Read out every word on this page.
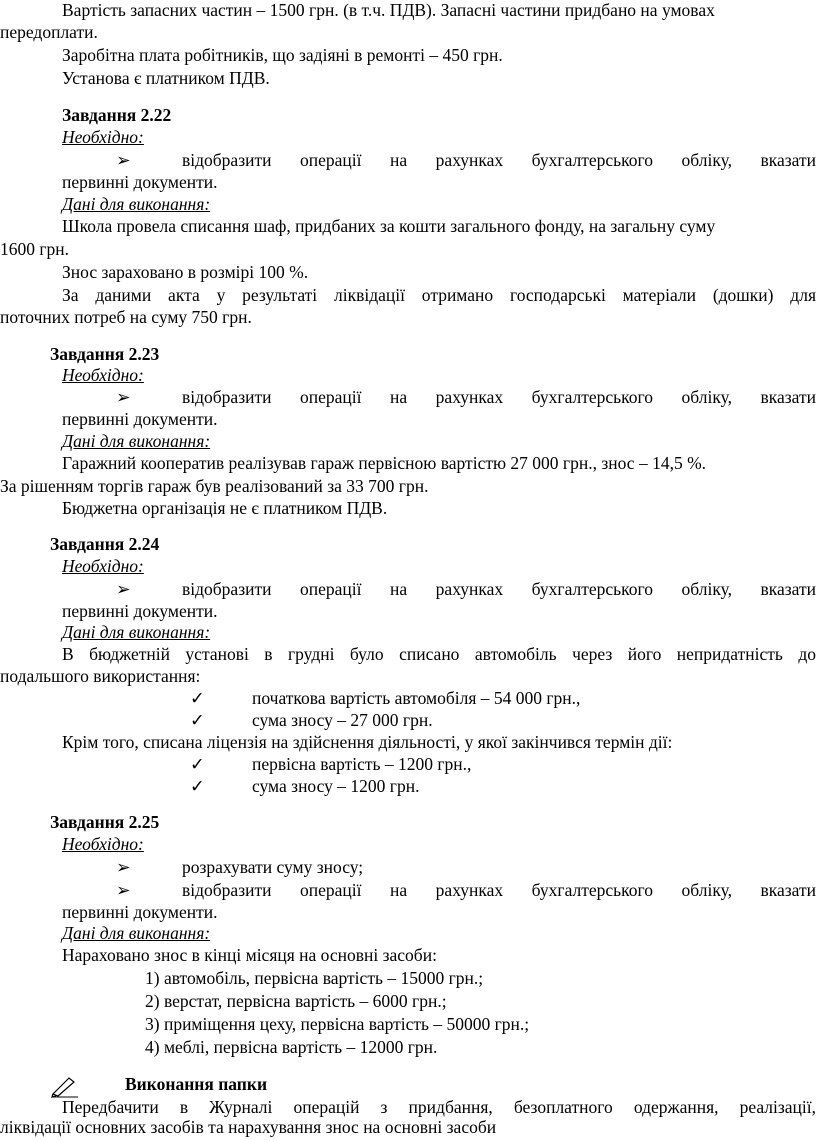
Вартість запасних частин – 1500 грн. (в т.ч. ПДВ). Запасні частини придбано на умовах

передоплати.

Заробітна плата робітників, що задіяні в ремонті – 450 грн.

Установа є платником ПДВ.

Завдання 2.22

Необхідно:

➢	відобразити операції на рахунках бухгалтерського обліку, вказати

первинні документи.

Дані для виконання:

Школа провела списання шаф, придбаних за кошти загального фонду, на загальну суму

1600 грн.

Знос зараховано в розмірі 100 %.

За даними акта у результаті ліквідації отримано господарські матеріали (дошки) для

поточних потреб на суму 750 грн.

Завдання 2.23

Необхідно:

➢	відобразити операції на рахунках бухгалтерського обліку, вказати

первинні документи.

Дані для виконання:

Гаражний кооператив реалізував гараж первісною вартістю 27 000 грн., знос – 14,5 %.

За рішенням торгів гараж був реалізований за 33 700 грн.

Бюджетна організація не є платником ПДВ.

Завдання 2.24

Необхідно:

➢	відобразити операції на рахунках бухгалтерського обліку, вказати

первинні документи.

Дані для виконання:

В бюджетній установі в грудні було списано автомобіль через його непридатність до

подальшого використання:

✓	початкова вартість автомобіля – 54 000 грн.,

✓	сума зносу – 27 000 грн.

Крім того, списана ліцензія на здійснення діяльності, у якої закінчився термін дії:

✓	первісна вартість – 1200 грн.,

✓	сума зносу – 1200 грн.

Завдання 2.25

Необхідно:

➢	розрахувати суму зносу;

➢	відобразити операції на рахунках бухгалтерського обліку, вказати

первинні документи.

Дані для виконання:

Нараховано знос в кінці місяця на основні засоби:

1) автомобіль, первісна вартість – 15000 грн.;

2) верстат, первісна вартість – 6000 грн.;

3) приміщення цеху, первісна вартість – 50000 грн.;

4) меблі, первісна вартість – 12000 грн.

Виконання папки

Передбачити в Журналі операцій з придбання, безоплатного одержання, реалізації,

ліквідації основних засобів та нарахування знос на основні засоби
